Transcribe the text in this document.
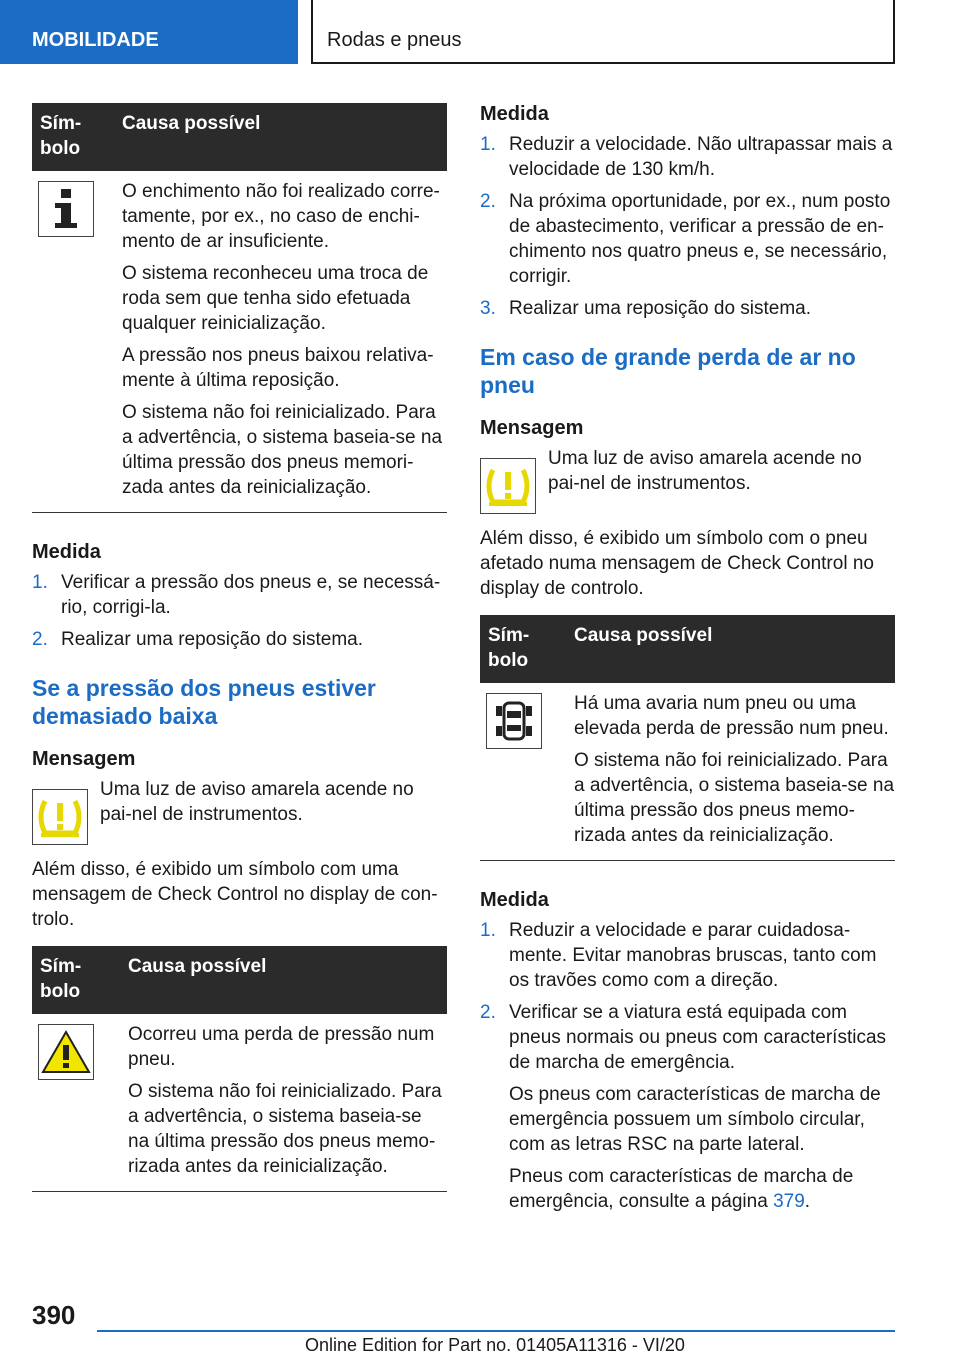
MOBILIDADE	Rodas e pneus
Sím-
bolo
Causa possível

O enchimento não foi realizado corre-tamente, por ex., no caso de enchi-mento de ar insuficiente.

O sistema reconheceu uma troca de roda sem que tenha sido efetuada qualquer reinicialização.

A pressão nos pneus baixou relativa-mente à última reposição.

O sistema não foi reinicializado. Para a advertência, o sistema baseia-se na última pressão dos pneus memori-zada antes da reinicialização.

Medida
1. Verificar a pressão dos pneus e, se necessá-rio, corrigi-la.
2. Realizar uma reposição do sistema.
Se a pressão dos pneus estiver demasiado baixa
Mensagem
Uma luz de aviso amarela acende no pai-nel de instrumentos.

Além disso, é exibido um símbolo com uma mensagem de Check Control no display de con-trolo.

Sím-
bolo
Causa possível

Ocorreu uma perda de pressão num pneu.

O sistema não foi reinicializado. Para a advertência, o sistema baseia-se na última pressão dos pneus memo-rizada antes da reinicialização.

Medida
1. Reduzir a velocidade. Não ultrapassar mais a velocidade de 130 km/h.
2. Na próxima oportunidade, por ex., num posto de abastecimento, verificar a pressão de en-chimento nos quatro pneus e, se necessário, corrigir.
3. Realizar uma reposição do sistema.
Em caso de grande perda de ar no pneu
Mensagem
Uma luz de aviso amarela acende no pai-nel de instrumentos.

Além disso, é exibido um símbolo com o pneu afetado numa mensagem de Check Control no display de controlo.

Sím-
bolo
Causa possível

Há uma avaria num pneu ou uma elevada perda de pressão num pneu.

O sistema não foi reinicializado. Para a advertência, o sistema baseia-se na última pressão dos pneus memo-rizada antes da reinicialização.

Medida
1. Reduzir a velocidade e parar cuidadosa-mente. Evitar manobras bruscas, tanto com os travões como com a direção.
2. Verificar se a viatura está equipada com pneus normais ou pneus com características de marcha de emergência.

Os pneus com características de marcha de emergência possuem um símbolo circular, com as letras RSC na parte lateral.

Pneus com características de marcha de emergência, consulte a página 379.

390
Online Edition for Part no. 01405A11316 - VI/20
